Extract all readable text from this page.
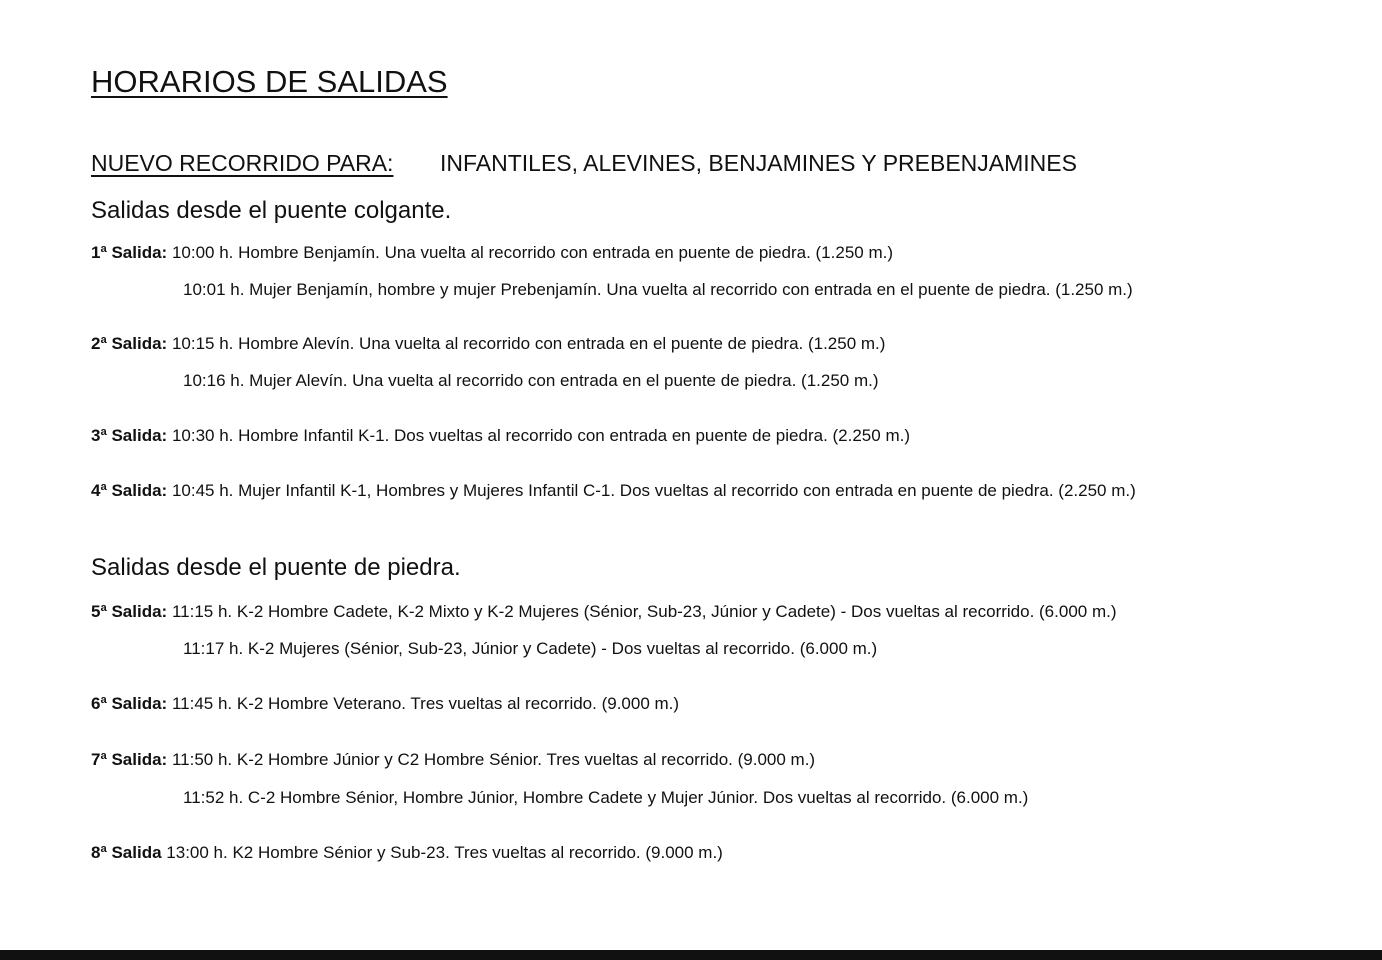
HORARIOS DE SALIDAS
NUEVO RECORRIDO PARA: INFANTILES, ALEVINES, BENJAMINES Y PREBENJAMINES
Salidas desde el puente colgante.
1ª Salida: 10:00 h. Hombre Benjamín. Una vuelta al recorrido con entrada en puente de piedra. (1.250 m.)
10:01 h. Mujer Benjamín, hombre y mujer Prebenjamín. Una vuelta al recorrido con entrada en el puente de piedra. (1.250 m.)
2ª Salida: 10:15 h. Hombre Alevín. Una vuelta al recorrido con entrada en el puente de piedra. (1.250 m.)
10:16 h. Mujer Alevín. Una vuelta al recorrido con entrada en el puente de piedra. (1.250 m.)
3ª Salida: 10:30 h. Hombre Infantil K-1. Dos vueltas al recorrido con entrada en puente de piedra. (2.250 m.)
4ª Salida: 10:45 h. Mujer Infantil K-1, Hombres y Mujeres Infantil C-1. Dos vueltas al recorrido con entrada en puente de piedra. (2.250 m.)
Salidas desde el puente de piedra.
5ª Salida: 11:15 h. K-2 Hombre Cadete, K-2 Mixto y K-2 Mujeres (Sénior, Sub-23, Júnior y Cadete) - Dos vueltas al recorrido. (6.000 m.)
11:17 h. K-2 Mujeres (Sénior, Sub-23, Júnior y Cadete) - Dos vueltas al recorrido. (6.000 m.)
6ª Salida: 11:45 h. K-2 Hombre Veterano. Tres vueltas al recorrido. (9.000 m.)
7ª Salida: 11:50 h. K-2 Hombre Júnior y C2 Hombre Sénior. Tres vueltas al recorrido. (9.000 m.)
11:52 h. C-2 Hombre Sénior, Hombre Júnior, Hombre Cadete y Mujer Júnior. Dos vueltas al recorrido. (6.000 m.)
8ª Salida 13:00 h. K2 Hombre Sénior y Sub-23. Tres vueltas al recorrido. (9.000 m.)
